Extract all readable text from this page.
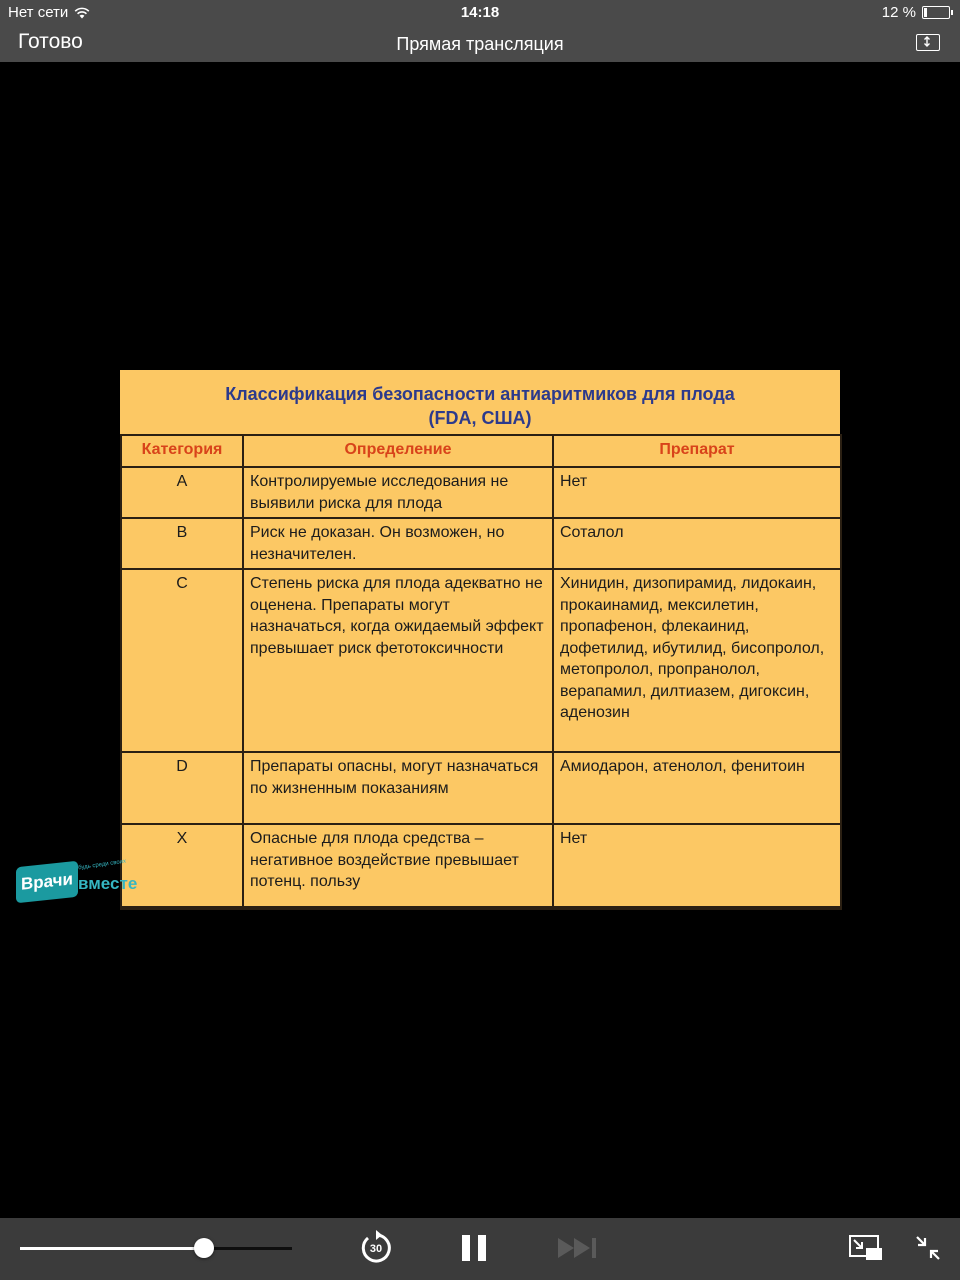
Нет сети	14:18	12 %
Готово	Прямая трансляция
Классификация безопасности антиаритмиков для плода
(FDA, США)
Категория	Определение	Препарат
A	Контролируемые исследования не выявили риска для плода	Нет
B	Риск не доказан. Он возможен, но незначителен.	Соталол
C	Степень риска для плода адекватно не оценена. Препараты могут назначаться, когда ожидаемый эффект превышает риск фетотоксичности	Хинидин, дизопирамид, лидокаин, прокаинамид, мексилетин, пропафенон, флекаинид, дофетилид, ибутилид, бисопролол, метопролол, пропранолол, верапамил, дилтиазем, дигоксин, аденозин
D	Препараты опасны, могут назначаться по жизненным показаниям	Амиодарон, атенолол, фенитоин
X	Опасные для плода средства – негативное воздействие превышает потенц. пользу	Нет
Врачи
будь среди своих
вместе
30
